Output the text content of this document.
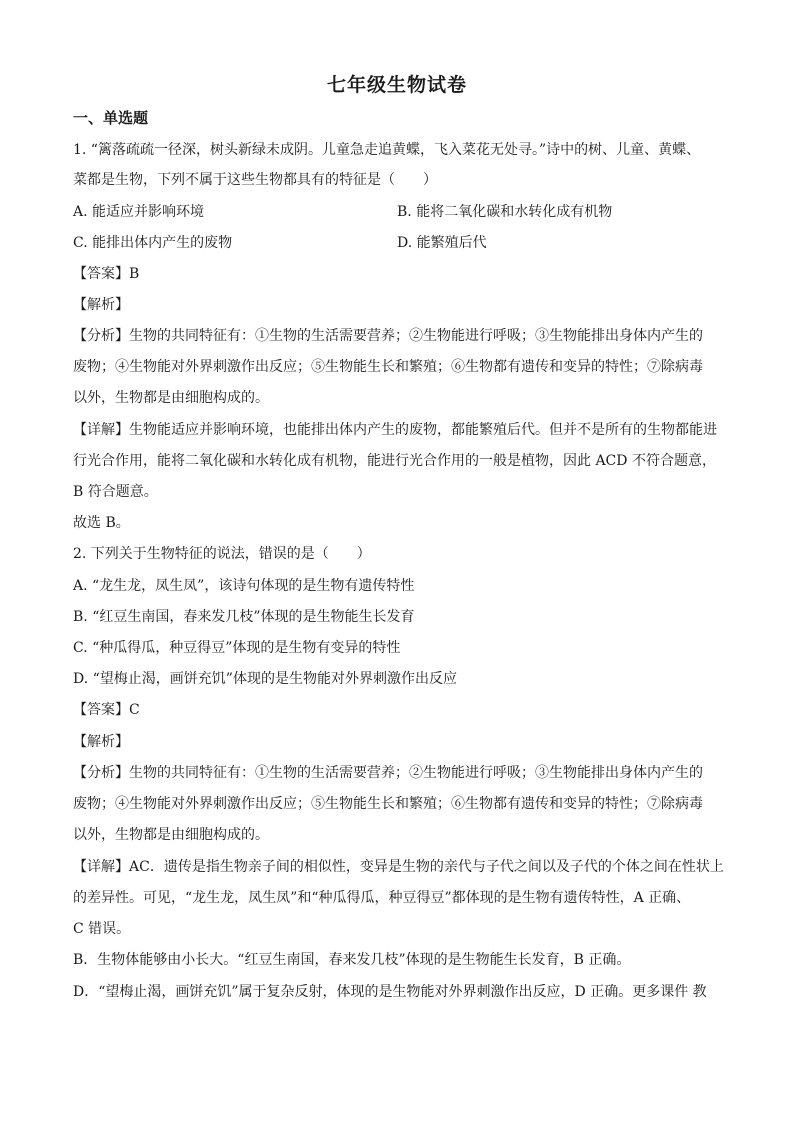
七年级生物试卷
一、单选题
1. “篱落疏疏一径深，树头新绿未成阴。儿童急走追黄蝶，飞入菜花无处寻。”诗中的树、儿童、黄蝶、
菜都是生物，下列不属于这些生物都具有的特征是（　　）
A. 能适应并影响环境	B. 能将二氧化碳和水转化成有机物
C. 能排出体内产生的废物	D. 能繁殖后代
【答案】B
【解析】
【分析】生物的共同特征有：①生物的生活需要营养；②生物能进行呼吸；③生物能排出身体内产生的
废物；④生物能对外界刺激作出反应；⑤生物能生长和繁殖；⑥生物都有遗传和变异的特性；⑦除病毒
以外，生物都是由细胞构成的。
【详解】生物能适应并影响环境，也能排出体内产生的废物，都能繁殖后代。但并不是所有的生物都能进
行光合作用，能将二氧化碳和水转化成有机物，能进行光合作用的一般是植物，因此 ACD 不符合题意，
B 符合题意。
故选 B。
2. 下列关于生物特征的说法，错误的是（　　）
A. “龙生龙，凤生凤”，该诗句体现的是生物有遗传特性
B. “红豆生南国，春来发几枝”体现的是生物能生长发育
C. “种瓜得瓜，种豆得豆”体现的是生物有变异的特性
D. “望梅止渴，画饼充饥”体现的是生物能对外界刺激作出反应
【答案】C
【解析】
【分析】生物的共同特征有：①生物的生活需要营养；②生物能进行呼吸；③生物能排出身体内产生的
废物；④生物能对外界刺激作出反应；⑤生物能生长和繁殖；⑥生物都有遗传和变异的特性；⑦除病毒
以外，生物都是由细胞构成的。
【详解】AC．遗传是指生物亲子间的相似性，变异是生物的亲代与子代之间以及子代的个体之间在性状上
的差异性。可见，“龙生龙，凤生凤”和“种瓜得瓜，种豆得豆”都体现的是生物有遗传特性，A 正确、
C 错误。
B．生物体能够由小长大。“红豆生南国，春来发几枝”体现的是生物能生长发育，B 正确。
D．“望梅止渴，画饼充饥”属于复杂反射，体现的是生物能对外界刺激作出反应，D 正确。更多课件 教
